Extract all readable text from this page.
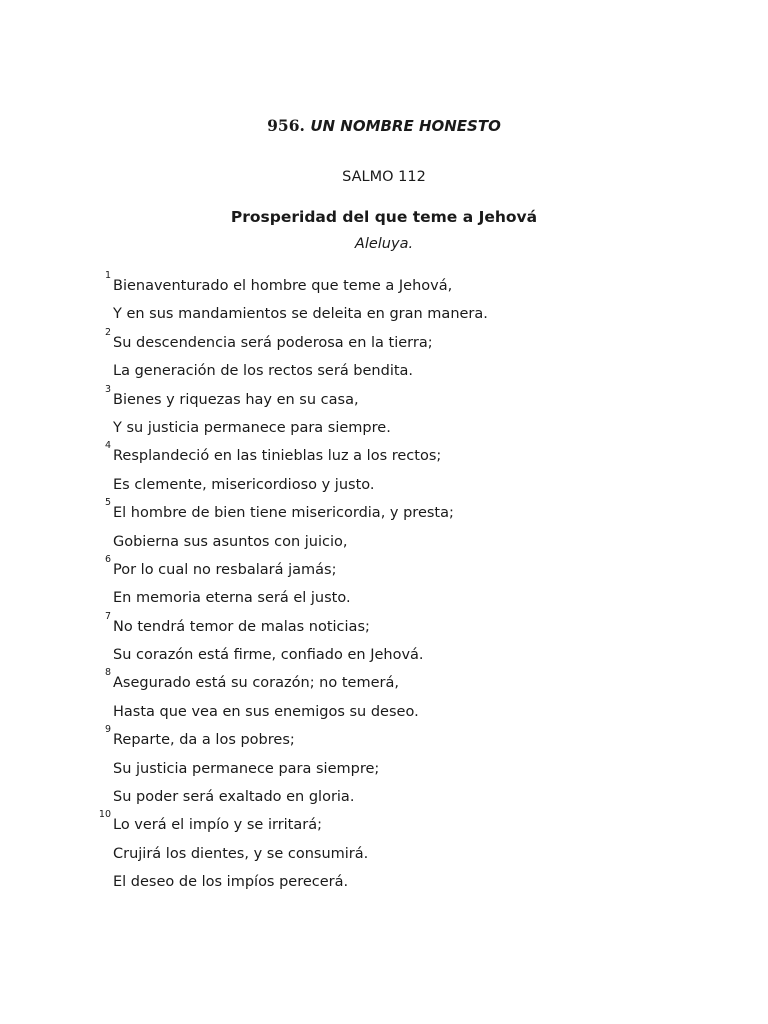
956. UN NOMBRE HONESTO
SALMO 112
Prosperidad del que teme a Jehová
Aleluya.
1
Bienaventurado el hombre que teme a Jehová,
Y en sus mandamientos se deleita en gran manera.
2
Su descendencia será poderosa en la tierra;
La generación de los rectos será bendita.
3
Bienes y riquezas hay en su casa,
Y su justicia permanece para siempre.
4
Resplandeció en las tinieblas luz a los rectos;
Es clemente, misericordioso y justo.
5
El hombre de bien tiene misericordia, y presta;
Gobierna sus asuntos con juicio,
6
Por lo cual no resbalará jamás;
En memoria eterna será el justo.
7
No tendrá temor de malas noticias;
Su corazón está firme, confiado en Jehová.
8
Asegurado está su corazón; no temerá,
Hasta que vea en sus enemigos su deseo.
9
Reparte, da a los pobres;
Su justicia permanece para siempre;
Su poder será exaltado en gloria.
10
Lo verá el impío y se irritará;
Crujirá los dientes, y se consumirá.
El deseo de los impíos perecerá.
